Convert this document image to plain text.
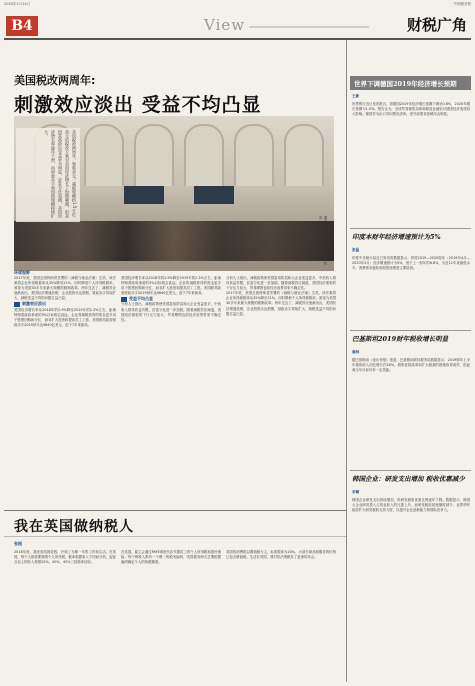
2020年1月14日	中国税务报
B4	View	财税广角
美国税改两周年:
刺激效应淡出 受益不均凸显
美国税改两周年，坚鸣美元，减税规模约1.5万亿美元的税改方案对美国经济增长了短期刺激，但美国富裕阶层受益更为明显，贫富分化加剧，美国经济增长率逐年下滑，而财政赤字和国债规模持续扩大。
图为美国纽约中央车站。新华社发
环球视野
2017年底，美国总统特朗普签署的《减税与就业法案》生效。该法案将企业所得税税率从35%降至21%，同时降低个人所得税税率，被视为美国30多年来最大规模的税制改革。两年过去了，减税效应逐渐淡出，美国经济增速放缓，企业投资未达预期，财政赤字持续扩大，减税受益不均的问题日益凸显。
刺激效应淡出
美国经济增长率从2018年的2.9%降至2019年的2.3%左右，距离特朗普政府承诺的3%目标相去甚远。企业将减税获得的资金更多用于股票回购和分红，而非扩大投资和提高员工工资。美国联邦政府财政赤字2019财年达9840亿美元，创下7年来新高。
美国经济增长率从2018年的2.9%降至2019年的2.3%左右，距离特朗普政府承诺的3%目标相去甚远。企业将减税获得的资金更多用于股票回购和分红，而非扩大投资和提高员工工资。美国联邦政府财政赤字2019财年达9840亿美元，创下7年来新高。
受益不均凸显
分析人士指出，减税政策使美国富裕阶层和大企业受益更多，中低收入群体获益有限，贫富分化进一步加剧。随着减税效应减退，美国经济面临的下行压力加大，贸易摩擦也给经济前景带来不确定性。
分析人士指出，减税政策使美国富裕阶层和大企业受益更多，中低收入群体获益有限，贫富分化进一步加剧。随着减税效应减退，美国经济面临的下行压力加大，贸易摩擦也给经济前景带来不确定性。
2017年底，美国总统特朗普签署的《减税与就业法案》生效。该法案将企业所得税税率从35%降至21%，同时降低个人所得税税率，被视为美国30多年来最大规模的税制改革。两年过去了，减税效应逐渐淡出，美国经济增速放缓，企业投资未达预期，财政赤字持续扩大，减税受益不均的问题日益凸显。
我在英国做纳税人
张振
2018年底，我来到英国伦敦，开始了为期一年的工作和生活。在英国，每个人都需要缴纳个人所得税，税率根据收入不同而分档，起征点以上的收入按照20%、40%、45%三档税率征收。
在英国，雇主会通过PAYE系统代扣代缴员工的个人所得税和国民保险。每个纳税人都有一个唯一的税务编码，英国税务海关总署根据编码确定个人的免税额度。
英国的消费税以增值税为主，标准税率为20%，大部分商品和服务的价格已包含增值税。生活在英国，我对依法纳税有了更深的体会。
世界下调德国2019年经济增长预期
王新
世界银行近日发布报告，将德国2019年经济增长预期下调至0.6%，2020年增长预期为1.0%。报告认为，全球贸易紧张局势和制造业疲软对德国经济造成较大影响。德国作为出口导向型经济体，受外部需求放缓冲击明显。
印度本财年经济增速预计为5%
张磊
印度中央统计局近日发布的数据显示，印度2019—2020财年（2019年4月—2020年3月）经济增速预计为5%，低于上一财年的6.8%，为近11年来最低水平。消费需求疲软和投资放缓是主要原因。
巴基斯坦2019财年税收增长明显
秦林
据巴基斯坦《论坛快报》报道，巴基斯坦联邦税务局数据显示，2019财年上半年税收收入同比增长约16%，税收征管改革和扩大税基的措施取得成效，但距离全年目标仍有一定差距。
韩国企业：研发支出增加 税收优惠减少
李颖
韩国企业研发支出持续增加，但研发税收优惠比例逐年下降。数据显示，韩国大企业研发投入占营业收入的比重上升，而研发税收抵免额度减少，业界呼吁政府扩大研发税收支持力度，以提升企业创新能力和国际竞争力。
